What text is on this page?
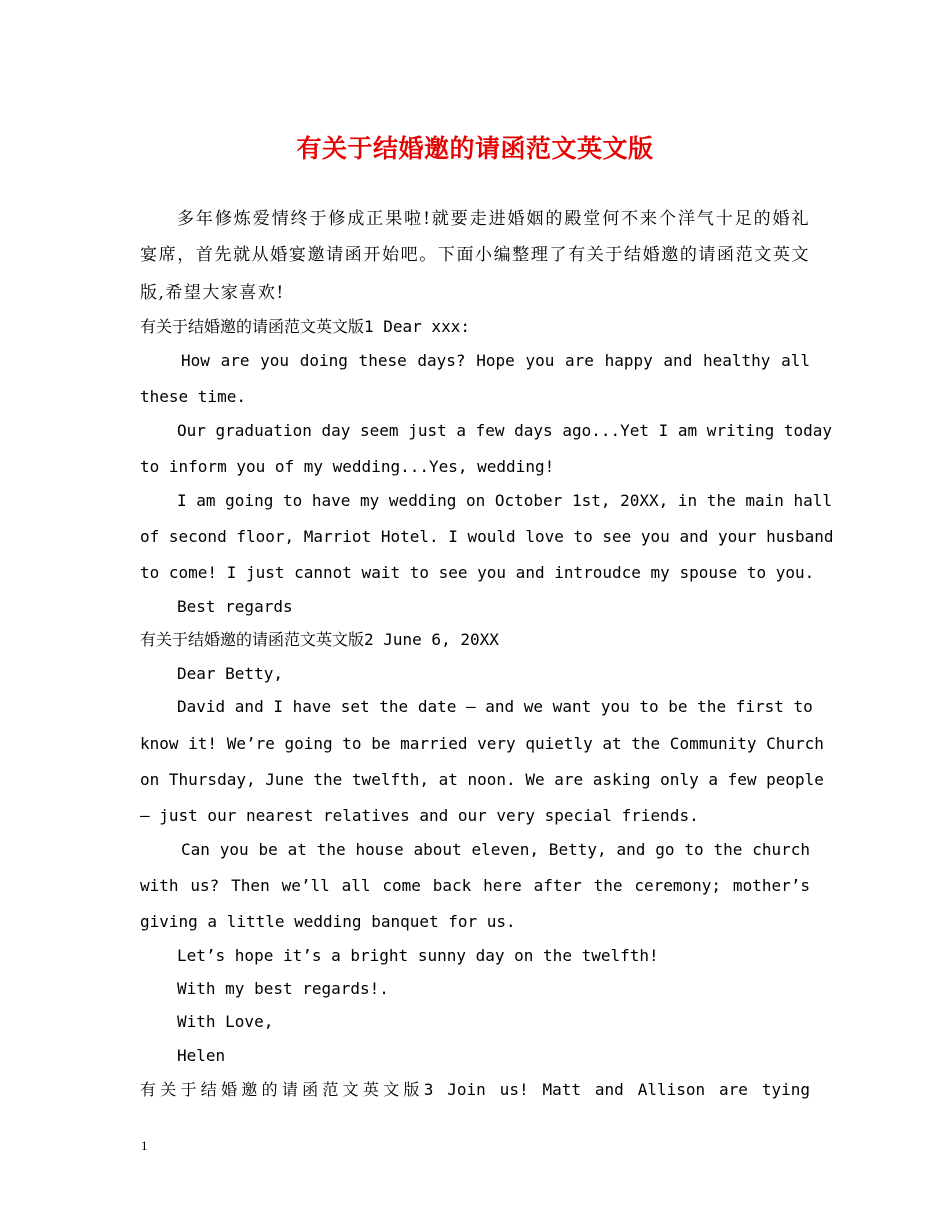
有关于结婚邀的请函范文英文版
多年修炼爱情终于修成正果啦!就要走进婚姻的殿堂何不来个洋气十足的婚礼
宴席，首先就从婚宴邀请函开始吧。下面小编整理了有关于结婚邀的请函范文英文
版,希望大家喜欢!
有关于结婚邀的请函范文英文版1 Dear xxx:
How are you doing these days? Hope you are happy and healthy all
these time.
Our graduation day seem just a few days ago...Yet I am writing today
to inform you of my wedding...Yes, wedding!
I am going to have my wedding on October 1st, 20XX, in the main hall
of second floor, Marriot Hotel. I would love to see you and your husband
to come! I just cannot wait to see you and introudce my spouse to you.
Best regards
有关于结婚邀的请函范文英文版2 June 6, 20XX
Dear Betty,
David and I have set the date — and we want you to be the first to
know it! We’re going to be married very quietly at the Community Church
on Thursday, June the twelfth, at noon. We are asking only a few people
— just our nearest relatives and our very special friends.
Can you be at the house about eleven, Betty, and go to the church
with us? Then we’ll all come back here after the ceremony; mother’s
giving a little wedding banquet for us.
Let’s hope it’s a bright sunny day on the twelfth!
With my best regards!.
With Love,
Helen
有关于结婚邀的请函范文英文版3 Join us! Matt and Allison are tying
1
